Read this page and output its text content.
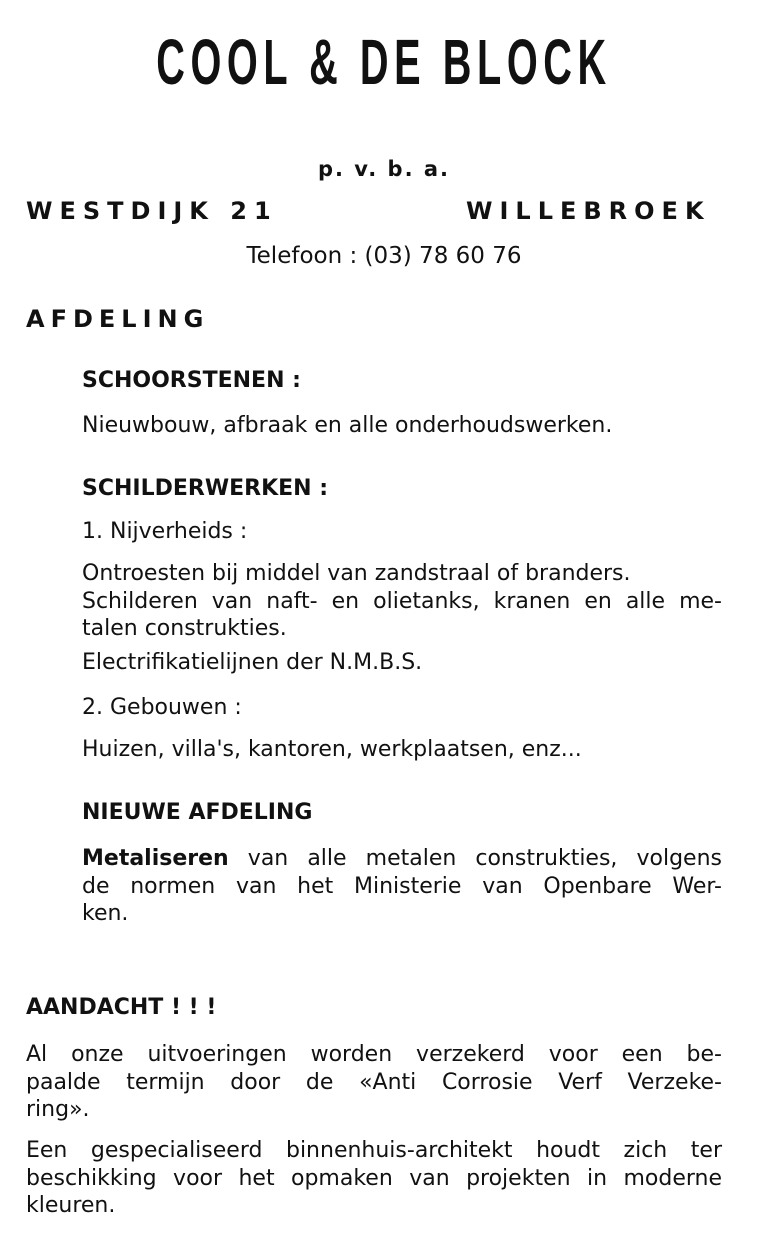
COOL & DE BLOCK
p. v. b. a.
WESTDIJK 21	WILLEBROEK
Telefoon : (03) 78 60 76
AFDELING
SCHOORSTENEN :
Nieuwbouw, afbraak en alle onderhoudswerken.
SCHILDERWERKEN :
1. Nijverheids :
Ontroesten bij middel van zandstraal of branders.
Schilderen van naft- en olietanks, kranen en alle me-
talen construkties.
Electrifikatielijnen der N.M.B.S.
2. Gebouwen :
Huizen, villa's, kantoren, werkplaatsen, enz...
NIEUWE AFDELING
Metaliseren van alle metalen construkties, volgens
de normen van het Ministerie van Openbare Wer-
ken.
AANDACHT ! ! !
Al onze uitvoeringen worden verzekerd voor een be-
paalde termijn door de «Anti Corrosie Verf Verzeke-
ring».
Een gespecialiseerd binnenhuis-architekt houdt zich ter
beschikking voor het opmaken van projekten in moderne
kleuren.
